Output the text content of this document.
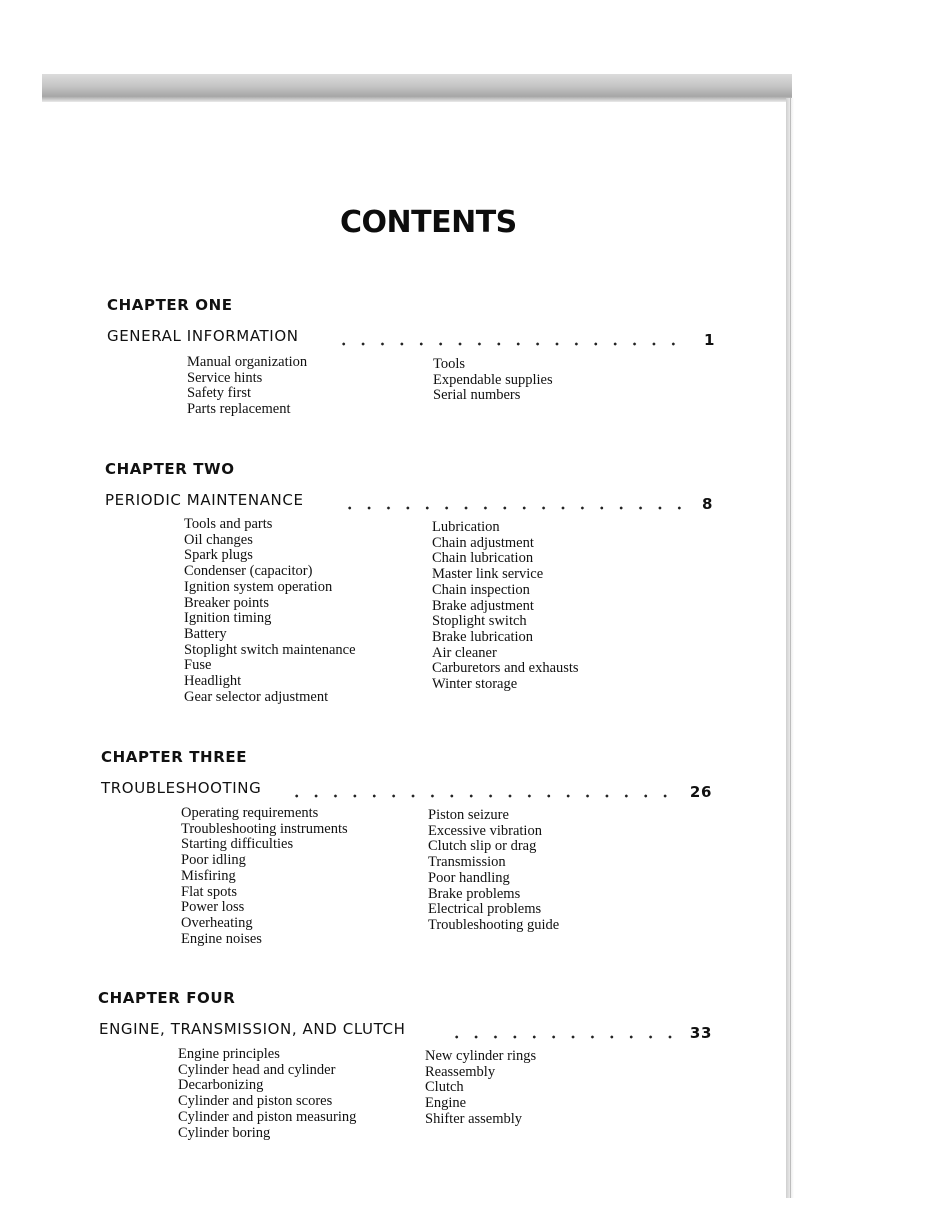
CONTENTS
CHAPTER ONE
GENERAL INFORMATION	1
Manual organization
Service hints
Safety first
Parts replacement
Tools
Expendable supplies
Serial numbers
CHAPTER TWO
PERIODIC MAINTENANCE	8
Tools and parts
Oil changes
Spark plugs
Condenser (capacitor)
Ignition system operation
Breaker points
Ignition timing
Battery
Stoplight switch maintenance
Fuse
Headlight
Gear selector adjustment
Lubrication
Chain adjustment
Chain lubrication
Master link service
Chain inspection
Brake adjustment
Stoplight switch
Brake lubrication
Air cleaner
Carburetors and exhausts
Winter storage
CHAPTER THREE
TROUBLESHOOTING	26
Operating requirements
Troubleshooting instruments
Starting difficulties
Poor idling
Misfiring
Flat spots
Power loss
Overheating
Engine noises
Piston seizure
Excessive vibration
Clutch slip or drag
Transmission
Poor handling
Brake problems
Electrical problems
Troubleshooting guide
CHAPTER FOUR
ENGINE, TRANSMISSION, AND CLUTCH	33
Engine principles
Cylinder head and cylinder
Decarbonizing
Cylinder and piston scores
Cylinder and piston measuring
Cylinder boring
New cylinder rings
Reassembly
Clutch
Engine
Shifter assembly
